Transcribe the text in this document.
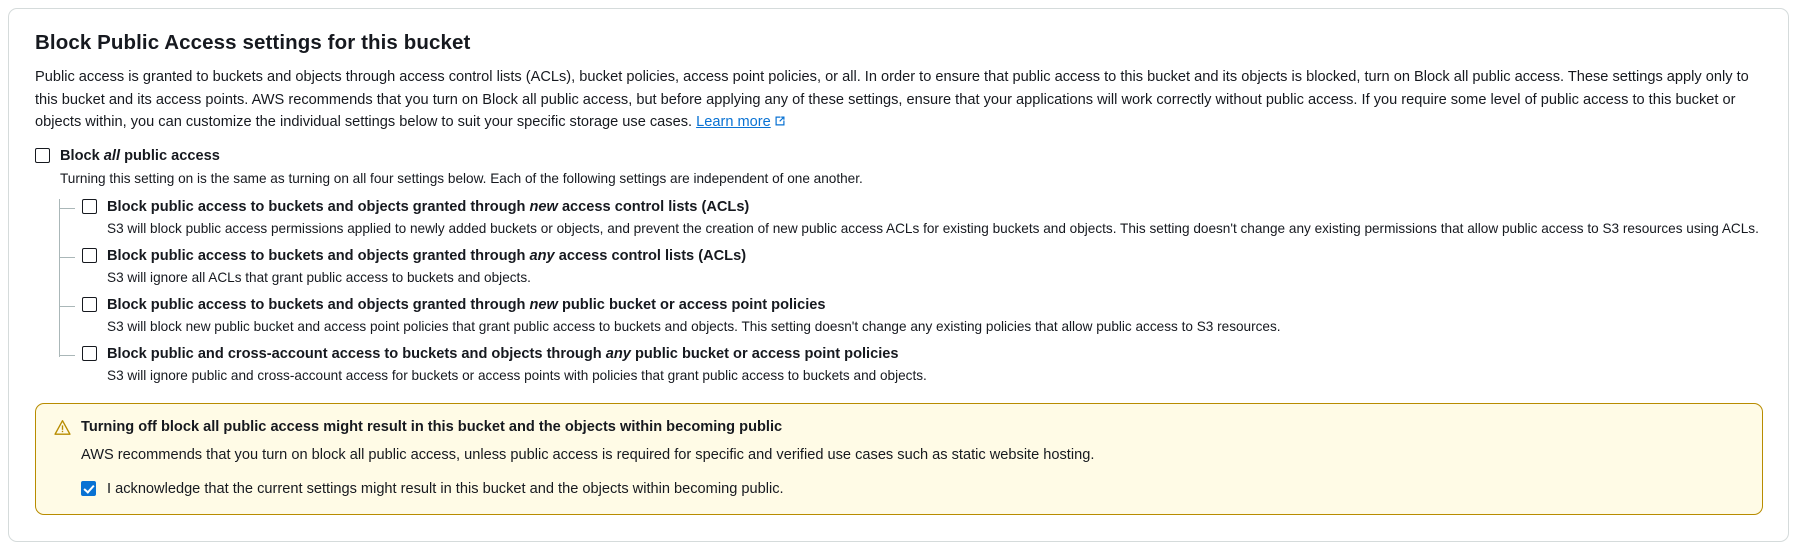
Block Public Access settings for this bucket

Public access is granted to buckets and objects through access control lists (ACLs), bucket policies, access point policies, or all. In order to ensure that public access to this bucket and its objects is blocked, turn on Block all public access. These settings apply only to this bucket and its access points. AWS recommends that you turn on Block all public access, but before applying any of these settings, ensure that your applications will work correctly without public access. If you require some level of public access to this bucket or objects within, you can customize the individual settings below to suit your specific storage use cases. Learn more

Block all public access
Turning this setting on is the same as turning on all four settings below. Each of the following settings are independent of one another.
Block public access to buckets and objects granted through new access control lists (ACLs)
S3 will block public access permissions applied to newly added buckets or objects, and prevent the creation of new public access ACLs for existing buckets and objects. This setting doesn't change any existing permissions that allow public access to S3 resources using ACLs.
Block public access to buckets and objects granted through any access control lists (ACLs)
S3 will ignore all ACLs that grant public access to buckets and objects.
Block public access to buckets and objects granted through new public bucket or access point policies
S3 will block new public bucket and access point policies that grant public access to buckets and objects. This setting doesn't change any existing policies that allow public access to S3 resources.
Block public and cross-account access to buckets and objects through any public bucket or access point policies
S3 will ignore public and cross-account access for buckets or access points with policies that grant public access to buckets and objects.
Turning off block all public access might result in this bucket and the objects within becoming public
AWS recommends that you turn on block all public access, unless public access is required for specific and verified use cases such as static website hosting.
I acknowledge that the current settings might result in this bucket and the objects within becoming public.
